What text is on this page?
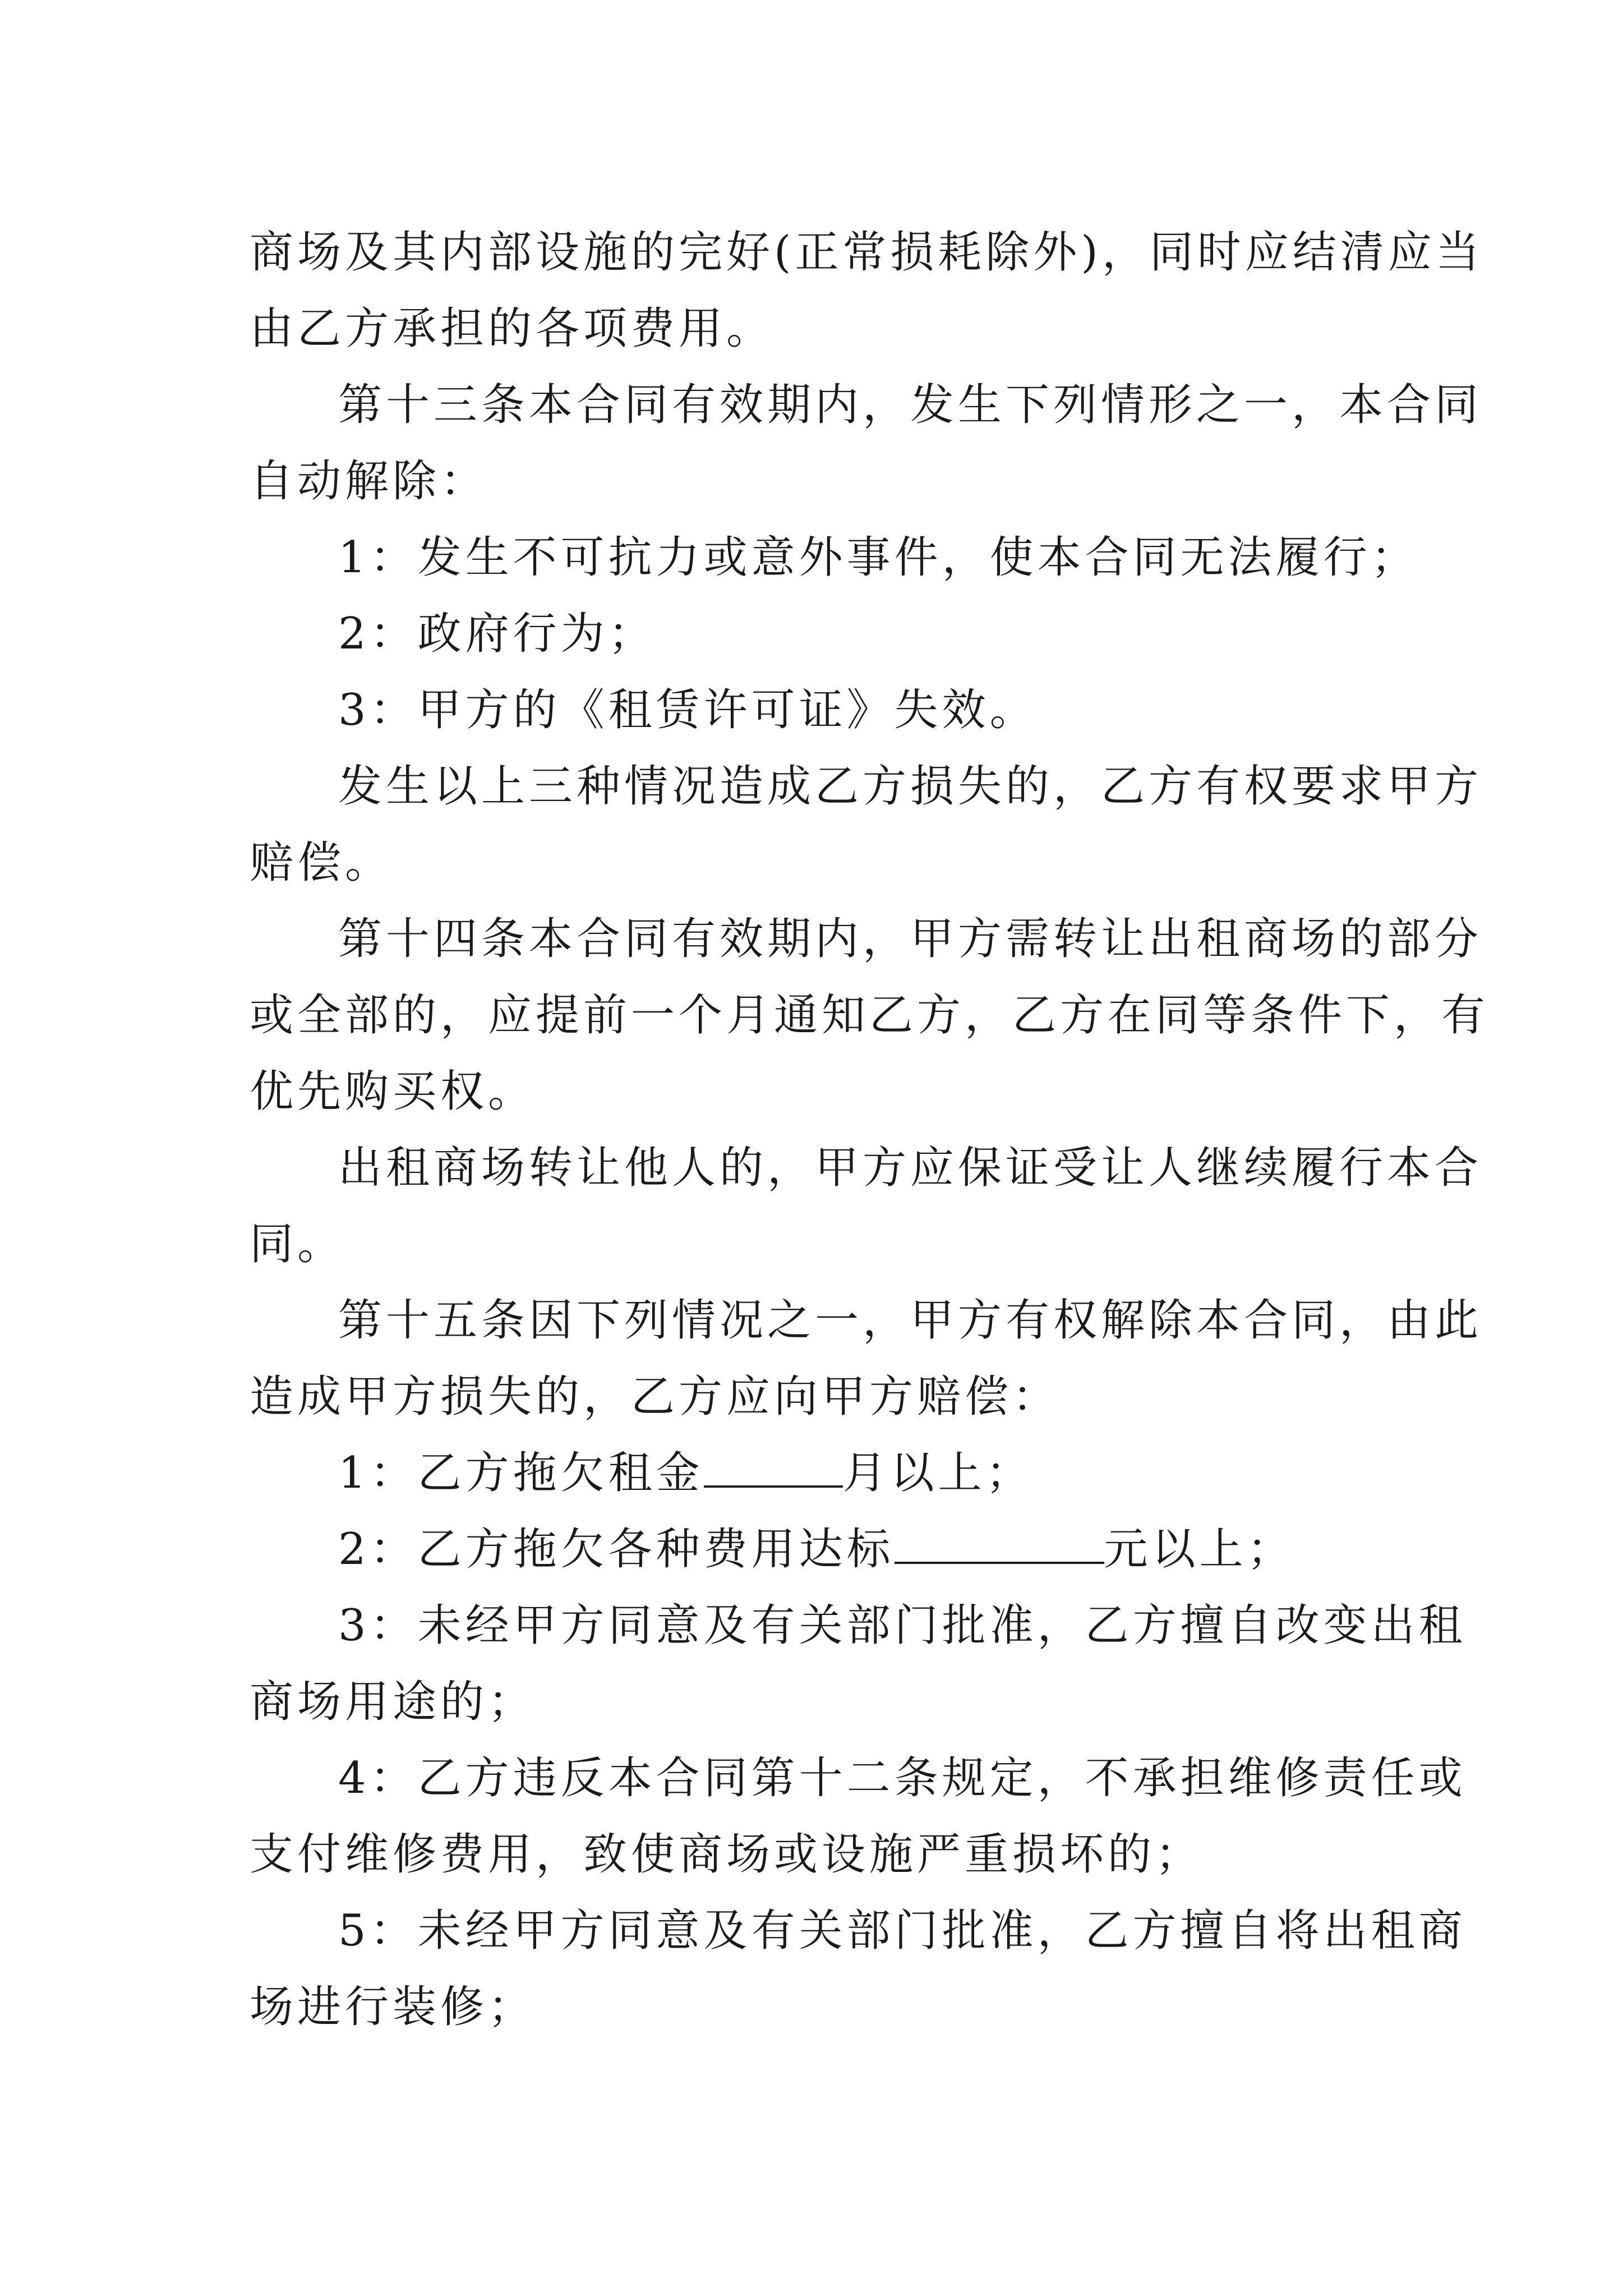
商场及其内部设施的完好(正常损耗除外)，同时应结清应当
由乙方承担的各项费用。
第十三条本合同有效期内，发生下列情形之一，本合同
自动解除：
1：发生不可抗力或意外事件，使本合同无法履行；
2：政府行为；
3：甲方的《租赁许可证》失效。
发生以上三种情况造成乙方损失的，乙方有权要求甲方
赔偿。
第十四条本合同有效期内，甲方需转让出租商场的部分
或全部的，应提前一个月通知乙方，乙方在同等条件下，有
优先购买权。
出租商场转让他人的，甲方应保证受让人继续履行本合
同。
第十五条因下列情况之一，甲方有权解除本合同，由此
造成甲方损失的，乙方应向甲方赔偿：
1：乙方拖欠租金	月以上；
2：乙方拖欠各种费用达标	元以上；
3：未经甲方同意及有关部门批准，乙方擅自改变出租
商场用途的；
4：乙方违反本合同第十二条规定，不承担维修责任或
支付维修费用，致使商场或设施严重损坏的；
5：未经甲方同意及有关部门批准，乙方擅自将出租商
场进行装修；
